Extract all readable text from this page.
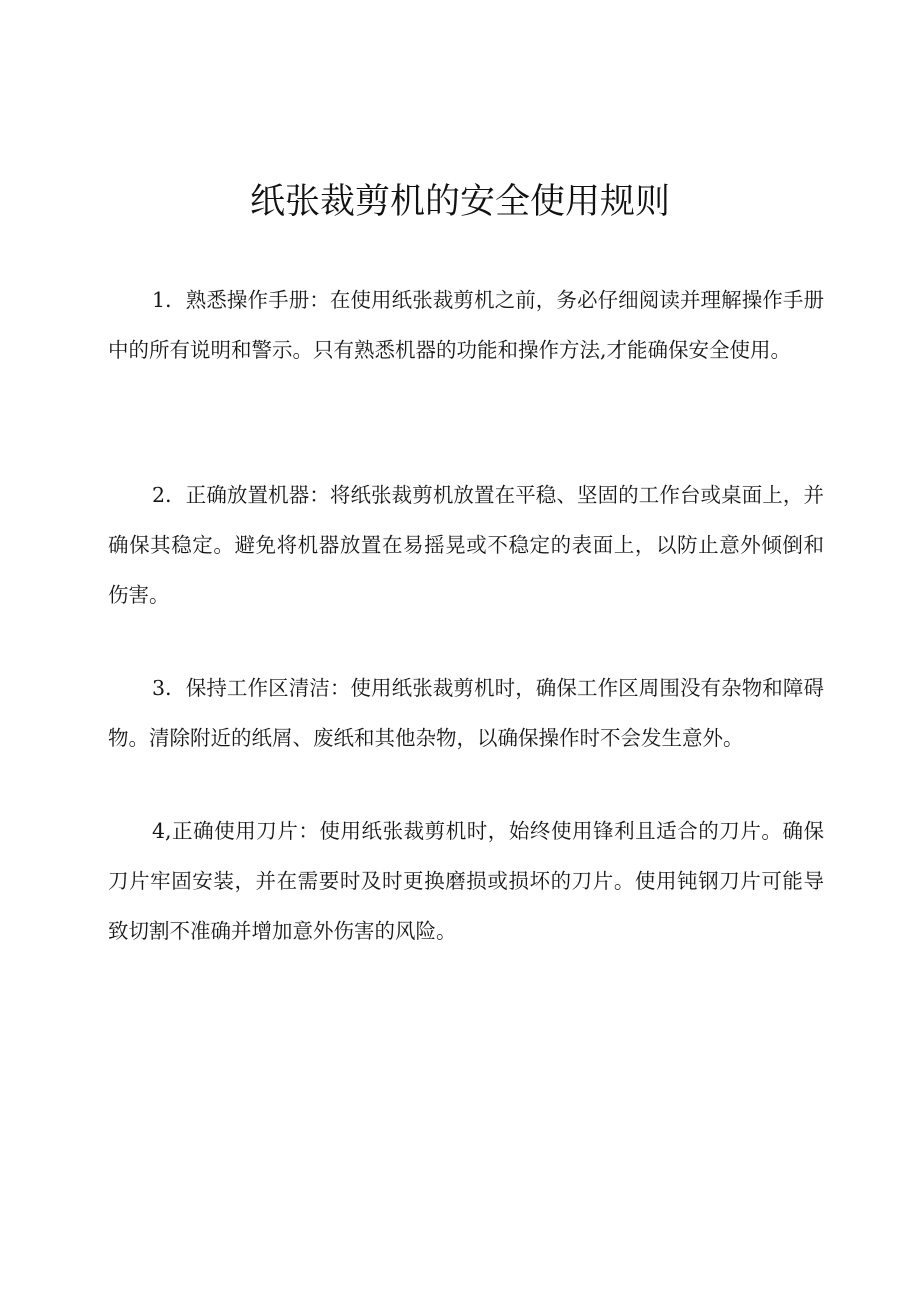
纸张裁剪机的安全使用规则

1．熟悉操作手册：在使用纸张裁剪机之前，务必仔细阅读并理解操作手册中的所有说明和警示。只有熟悉机器的功能和操作方法,才能确保安全使用。

2．正确放置机器：将纸张裁剪机放置在平稳、坚固的工作台或桌面上，并确保其稳定。避免将机器放置在易摇晃或不稳定的表面上，以防止意外倾倒和伤害。

3．保持工作区清洁：使用纸张裁剪机时，确保工作区周围没有杂物和障碍物。清除附近的纸屑、废纸和其他杂物，以确保操作时不会发生意外。

4,正确使用刀片：使用纸张裁剪机时，始终使用锋利且适合的刀片。确保刀片牢固安装，并在需要时及时更换磨损或损坏的刀片。使用钝钢刀片可能导致切割不准确并增加意外伤害的风险。
